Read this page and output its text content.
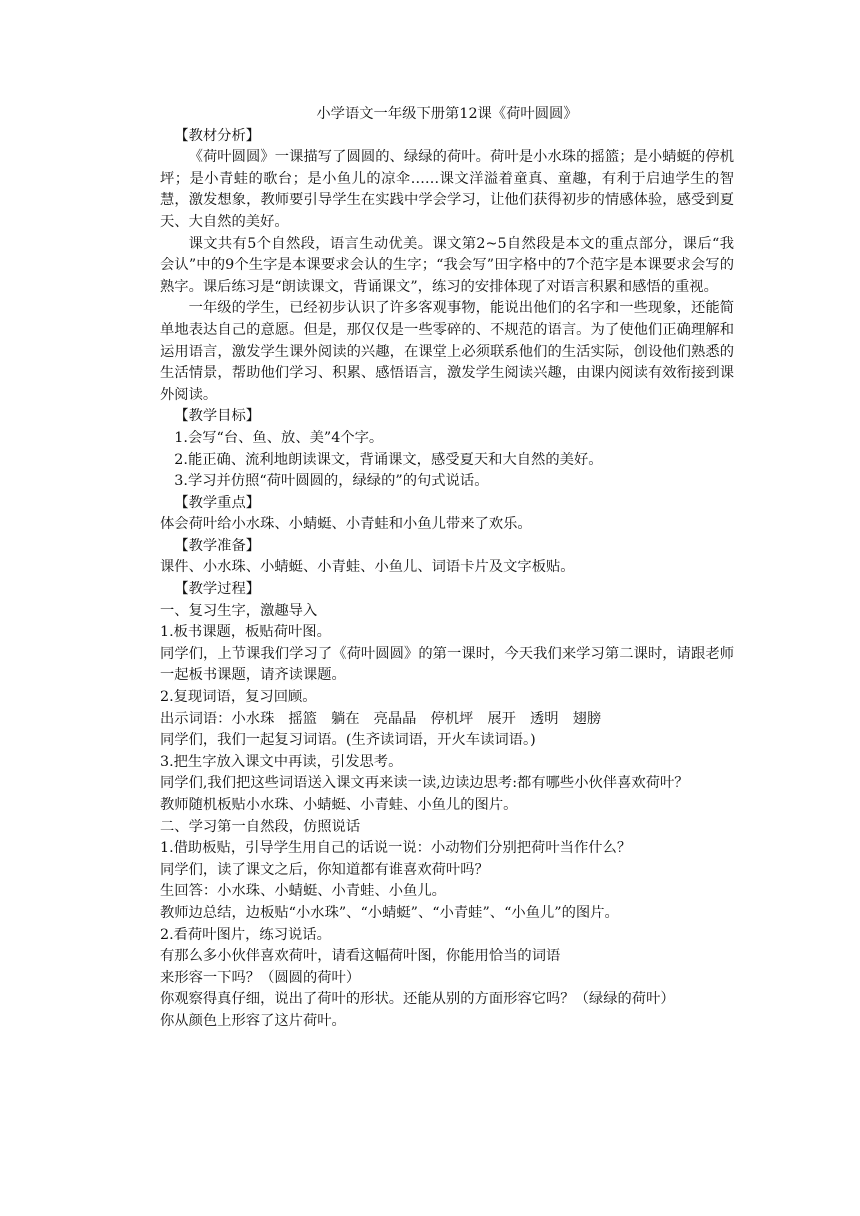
小学语文一年级下册第12课《荷叶圆圆》

【教材分析】

《荷叶圆圆》一课描写了圆圆的、绿绿的荷叶。荷叶是小水珠的摇篮；是小蜻蜓的停机坪；是小青蛙的歌台；是小鱼儿的凉伞……课文洋溢着童真、童趣，有利于启迪学生的智慧，激发想象，教师要引导学生在实践中学会学习，让他们获得初步的情感体验，感受到夏天、大自然的美好。

课文共有5个自然段，语言生动优美。课文第2~5自然段是本文的重点部分，课后“我会认”中的9个生字是本课要求会认的生字；“我会写”田字格中的7个范字是本课要求会写的熟字。课后练习是“朗读课文，背诵课文”，练习的安排体现了对语言积累和感悟的重视。

一年级的学生，已经初步认识了许多客观事物，能说出他们的名字和一些现象，还能简单地表达自己的意愿。但是，那仅仅是一些零碎的、不规范的语言。为了使他们正确理解和运用语言，激发学生课外阅读的兴趣，在课堂上必须联系他们的生活实际，创设他们熟悉的生活情景，帮助他们学习、积累、感悟语言，激发学生阅读兴趣，由课内阅读有效衔接到课外阅读。

【教学目标】

1.会写“台、鱼、放、美”4个字。

2.能正确、流利地朗读课文，背诵课文，感受夏天和大自然的美好。

3.学习并仿照“荷叶圆圆的，绿绿的”的句式说话。

【教学重点】

体会荷叶给小水珠、小蜻蜓、小青蛙和小鱼儿带来了欢乐。

【教学准备】

课件、小水珠、小蜻蜓、小青蛙、小鱼儿、词语卡片及文字板贴。

【教学过程】

一、复习生字，激趣导入

1.板书课题，板贴荷叶图。

同学们，上节课我们学习了《荷叶圆圆》的第一课时，今天我们来学习第二课时，请跟老师一起板书课题，请齐读课题。

2.复现词语，复习回顾。

出示词语：小水珠 摇篮 躺在 亮晶晶 停机坪 展开 透明 翅膀

同学们，我们一起复习词语。(生齐读词语，开火车读词语。)

3.把生字放入课文中再读，引发思考。

同学们,我们把这些词语送入课文再来读一读,边读边思考:都有哪些小伙伴喜欢荷叶？

教师随机板贴小水珠、小蜻蜓、小青蛙、小鱼儿的图片。

二、学习第一自然段，仿照说话

1.借助板贴，引导学生用自己的话说一说：小动物们分别把荷叶当作什么？

同学们，读了课文之后，你知道都有谁喜欢荷叶吗？

生回答：小水珠、小蜻蜓、小青蛙、小鱼儿。

教师边总结，边板贴“小水珠”、“小蜻蜓”、“小青蛙”、“小鱼儿”的图片。

2.看荷叶图片，练习说话。

有那么多小伙伴喜欢荷叶，请看这幅荷叶图，你能用恰当的词语

来形容一下吗？（圆圆的荷叶）

你观察得真仔细，说出了荷叶的形状。还能从别的方面形容它吗？（绿绿的荷叶）

你从颜色上形容了这片荷叶。
